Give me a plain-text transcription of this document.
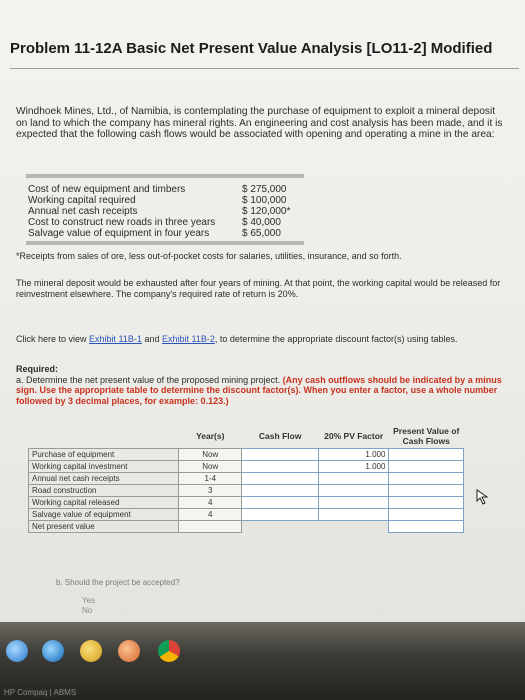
Problem 11-12A Basic Net Present Value Analysis [LO11-2] Modified
Windhoek Mines, Ltd., of Namibia, is contemplating the purchase of equipment to exploit a mineral deposit on land to which the company has mineral rights. An engineering and cost analysis has been made, and it is expected that the following cash flows would be associated with opening and operating a mine in the area:
Cost of new equipment and timbers	$ 275,000
Working capital required	$ 100,000
Annual net cash receipts	$ 120,000*
Cost to construct new roads in three years	$ 40,000
Salvage value of equipment in four years	$ 65,000
*Receipts from sales of ore, less out-of-pocket costs for salaries, utilities, insurance, and so forth.
The mineral deposit would be exhausted after four years of mining. At that point, the working capital would be released for reinvestment elsewhere. The company's required rate of return is 20%.
Click here to view Exhibit 11B-1 and Exhibit 11B-2, to determine the appropriate discount factor(s) using tables.
Required:
a. Determine the net present value of the proposed mining project. (Any cash outflows should be indicated by a minus sign. Use the appropriate table to determine the discount factor(s). When you enter a factor, use a whole number followed by 3 decimal places, for example: 0.123.)
	Year(s)	Cash Flow	20% PV Factor	Present Value of Cash Flows
Purchase of equipment	Now		1.000	
Working capital investment	Now		1.000	
Annual net cash receipts	1-4			
Road construction	3			
Working capital released	4			
Salvage value of equipment	4			
Net present value				
b. Should the project be accepted?
Yes
No
HP Compaq | ABMS
